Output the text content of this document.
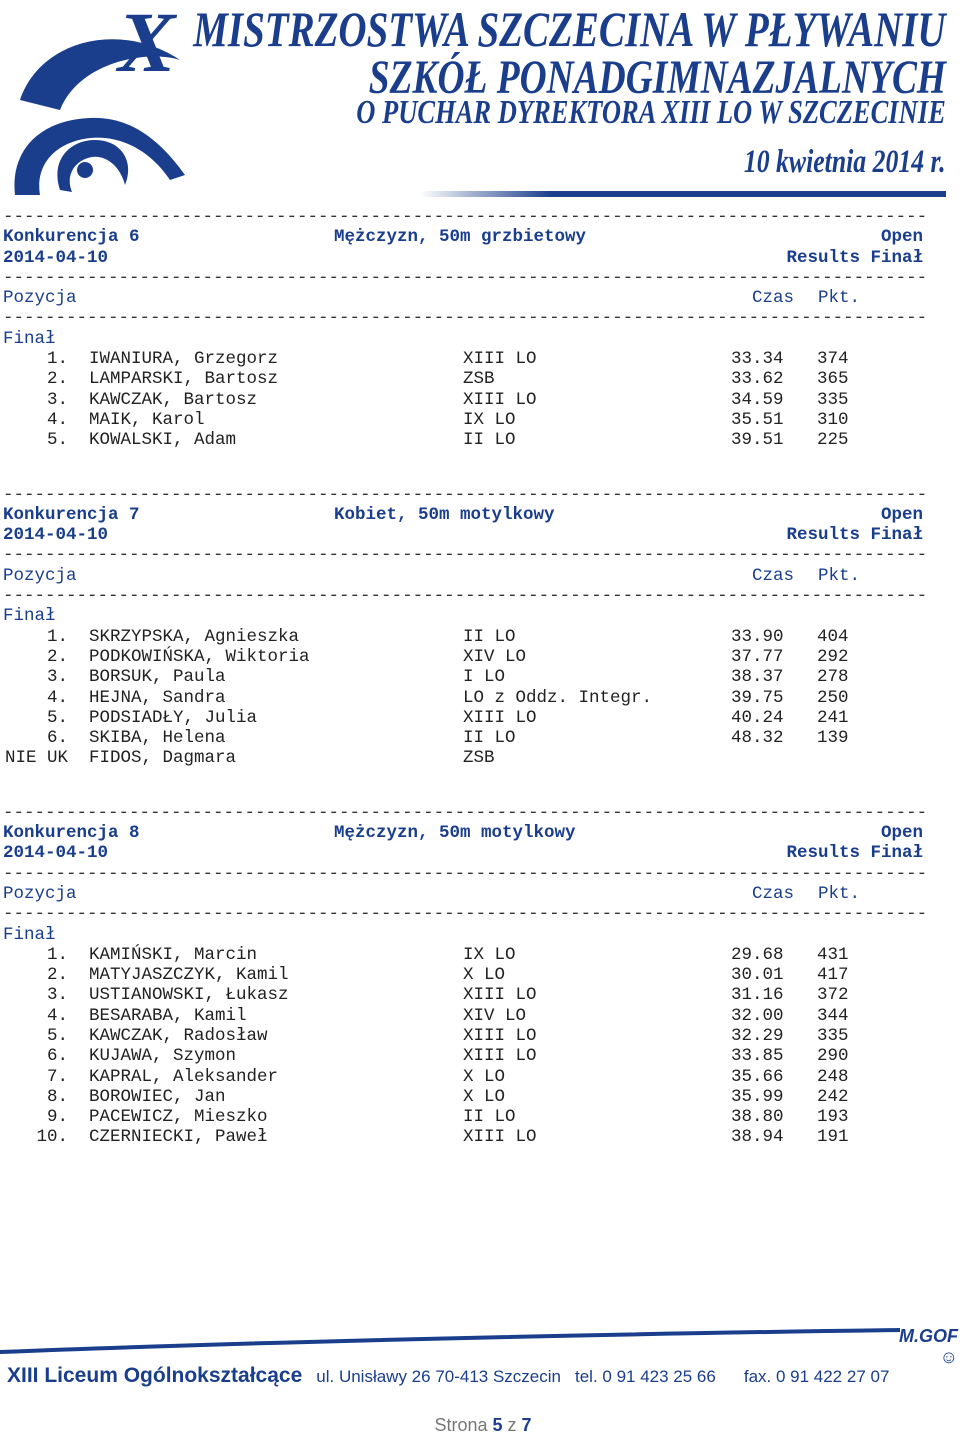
X MISTRZOSTWA SZCZECINA W PŁYWANIU
SZKÓŁ PONADGIMNAZJALNYCH
O PUCHAR DYREKTORA XIII LO W SZCZECINIE
10 kwietnia 2014 r.
----------------------------------------------------------------------------------------
Konkurencja 6	Mężczyzn, 50m grzbietowy	Open
2014-04-10	Results Finał
----------------------------------------------------------------------------------------
Pozycja	Czas Pkt.
----------------------------------------------------------------------------------------
Finał
1. IWANIURA, Grzegorz	XIII LO	33.34 374
2. LAMPARSKI, Bartosz	ZSB	33.62 365
3. KAWCZAK, Bartosz	XIII LO	34.59 335
4. MAIK, Karol	IX LO	35.51 310
5. KOWALSKI, Adam	II LO	39.51 225
----------------------------------------------------------------------------------------
Konkurencja 7	Kobiet, 50m motylkowy	Open
2014-04-10	Results Finał
----------------------------------------------------------------------------------------
Pozycja	Czas Pkt.
----------------------------------------------------------------------------------------
Finał
1. SKRZYPSKA, Agnieszka	II LO	33.90 404
2. PODKOWIŃSKA, Wiktoria	XIV LO	37.77 292
3. BORSUK, Paula	I LO	38.37 278
4. HEJNA, Sandra	LO z Oddz. Integr.	39.75 250
5. PODSIADŁY, Julia	XIII LO	40.24 241
6. SKIBA, Helena	II LO	48.32 139
NIE UK FIDOS, Dagmara	ZSB
----------------------------------------------------------------------------------------
Konkurencja 8	Mężczyzn, 50m motylkowy	Open
2014-04-10	Results Finał
----------------------------------------------------------------------------------------
Pozycja	Czas Pkt.
----------------------------------------------------------------------------------------
Finał
1. KAMIŃSKI, Marcin	IX LO	29.68 431
2. MATYJASZCZYK, Kamil	X LO	30.01 417
3. USTIANOWSKI, Łukasz	XIII LO	31.16 372
4. BESARABA, Kamil	XIV LO	32.00 344
5. KAWCZAK, Radosław	XIII LO	32.29 335
6. KUJAWA, Szymon	XIII LO	33.85 290
7. KAPRAL, Aleksander	X LO	35.66 248
8. BOROWIEC, Jan	X LO	35.99 242
9. PACEWICZ, Mieszko	II LO	38.80 193
10. CZERNIECKI, Paweł	XIII LO	38.94 191
M.GOF☺
XIII Liceum Ogólnokształcące ul. Unisławy 26 70-413 Szczecin tel. 0 91 423 25 66 fax. 0 91 422 27 07
Strona 5 z 7
